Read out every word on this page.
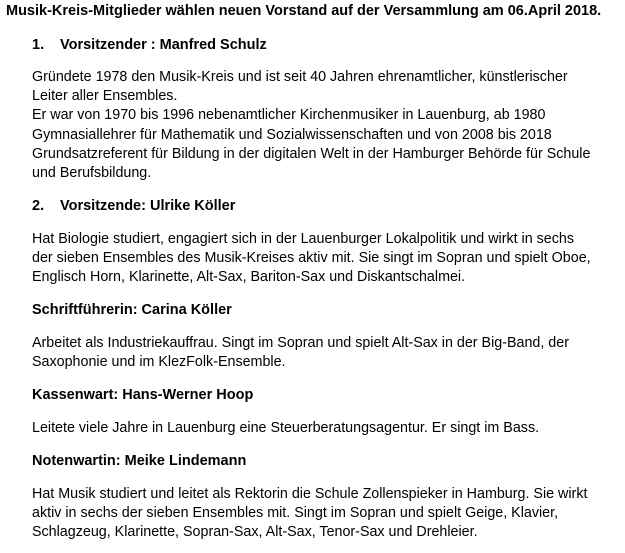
Musik-Kreis-Mitglieder wählen neuen Vorstand auf der Versammlung am 06.April 2018.
1. Vorsitzender : Manfred Schulz
Gründete 1978 den Musik-Kreis und ist seit 40 Jahren ehrenamtlicher, künstlerischer
Leiter aller Ensembles.
Er war von 1970 bis 1996 nebenamtlicher Kirchenmusiker in Lauenburg, ab 1980
Gymnasiallehrer für Mathematik und Sozialwissenschaften und von 2008 bis 2018
Grundsatzreferent für Bildung in der digitalen Welt in der Hamburger Behörde für Schule
und Berufsbildung.
2. Vorsitzende: Ulrike Köller
Hat Biologie studiert, engagiert sich in der Lauenburger Lokalpolitik und wirkt in sechs
der sieben Ensembles des Musik-Kreises aktiv mit. Sie singt im Sopran und spielt Oboe,
Englisch Horn, Klarinette, Alt-Sax, Bariton-Sax und Diskantschalmei.
Schriftführerin: Carina Köller
Arbeitet als Industriekauffrau. Singt im Sopran und spielt Alt-Sax in der Big-Band, der
Saxophonie und im KlezFolk-Ensemble.
Kassenwart: Hans-Werner Hoop
Leitete viele Jahre in Lauenburg eine Steuerberatungsagentur. Er singt im Bass.
Notenwartin: Meike Lindemann
Hat Musik studiert und leitet als Rektorin die Schule Zollenspieker in Hamburg. Sie wirkt
aktiv in sechs der sieben Ensembles mit. Singt im Sopran und spielt Geige, Klavier,
Schlagzeug, Klarinette, Sopran-Sax, Alt-Sax, Tenor-Sax und Drehleier.
